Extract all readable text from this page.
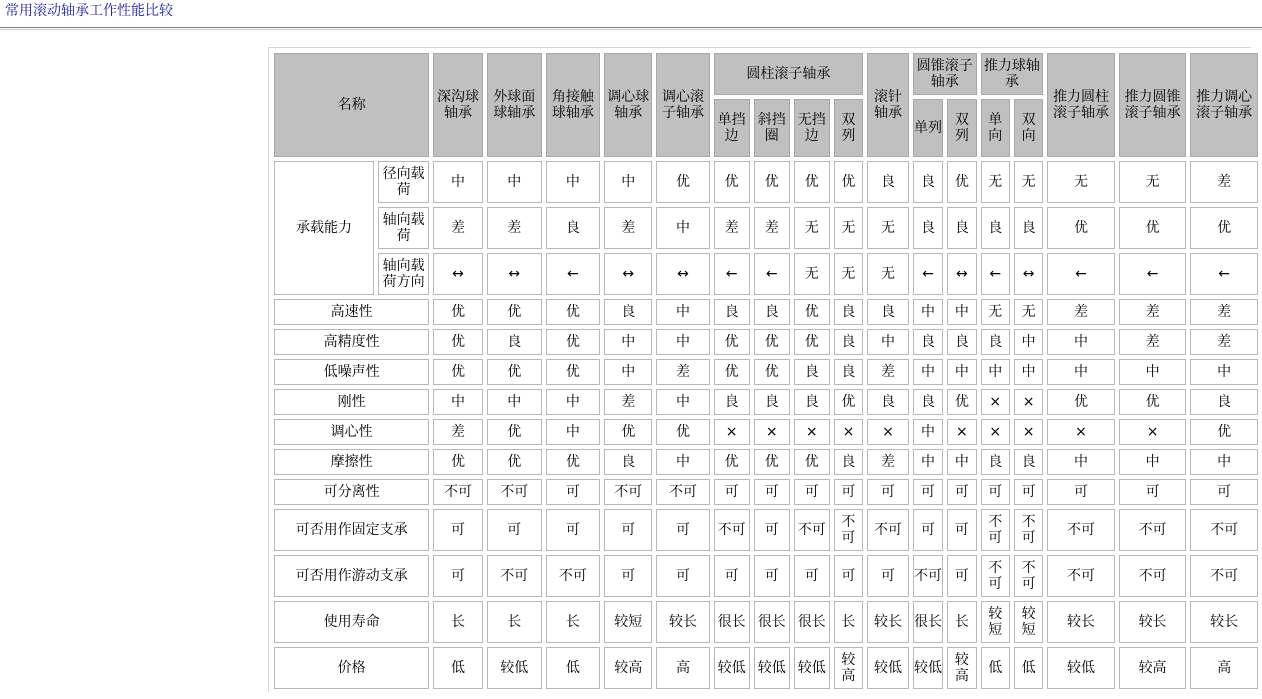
常用滚动轴承工作性能比较
名称		深沟球轴承	外球面球轴承	角接触球轴承	调心球轴承	调心滚子轴承	圆柱滚子轴承				滚针轴承	圆锥滚子轴承		推力球轴承		推力圆柱滚子轴承	推力圆锥滚子轴承	推力调心滚子轴承
							单挡边	斜挡圈	无挡边	双列		单列	双列	单向	双向			
承载能力	径向载荷	中	中	中	中	优	优	优	优	优	良	良	优	无	无	无	无	差
	轴向载荷	差	差	良	差	中	差	差	无	无	无	良	良	良	良	优	优	优
	轴向载荷方向	↔	↔	←	↔	↔	←	←	无	无	无	←	↔	←	↔	←	←	←
高速性		优	优	优	良	中	良	良	优	良	良	中	中	无	无	差	差	差
高精度性		优	良	优	中	中	优	优	优	良	中	良	良	良	中	中	差	差
低噪声性		优	优	优	中	差	优	优	良	良	差	中	中	中	中	中	中	中
刚性		中	中	中	差	中	良	良	良	优	良	良	优	×	×	优	优	良
调心性		差	优	中	优	优	×	×	×	×	×	中	×	×	×	×	×	优
摩擦性		优	优	优	良	中	优	优	优	良	差	中	中	良	良	中	中	中
可分离性		不可	不可	可	不可	不可	可	可	可	可	可	可	可	可	可	可	可	可
可否用作固定支承		可	可	可	可	可	不可	可	不可	不可	不可	可	可	不可	不可	不可	不可	不可
可否用作游动支承		可	不可	不可	可	可	可	可	可	可	可	不可	可	不可	不可	不可	不可	不可
使用寿命		长	长	长	较短	较长	很长	很长	很长	长	较长	很长	长	较短	较短	较长	较长	较长
价格		低	较低	低	较高	高	较低	较低	较低	较高	较低	较低	较高	低	低	较低	较高	高
